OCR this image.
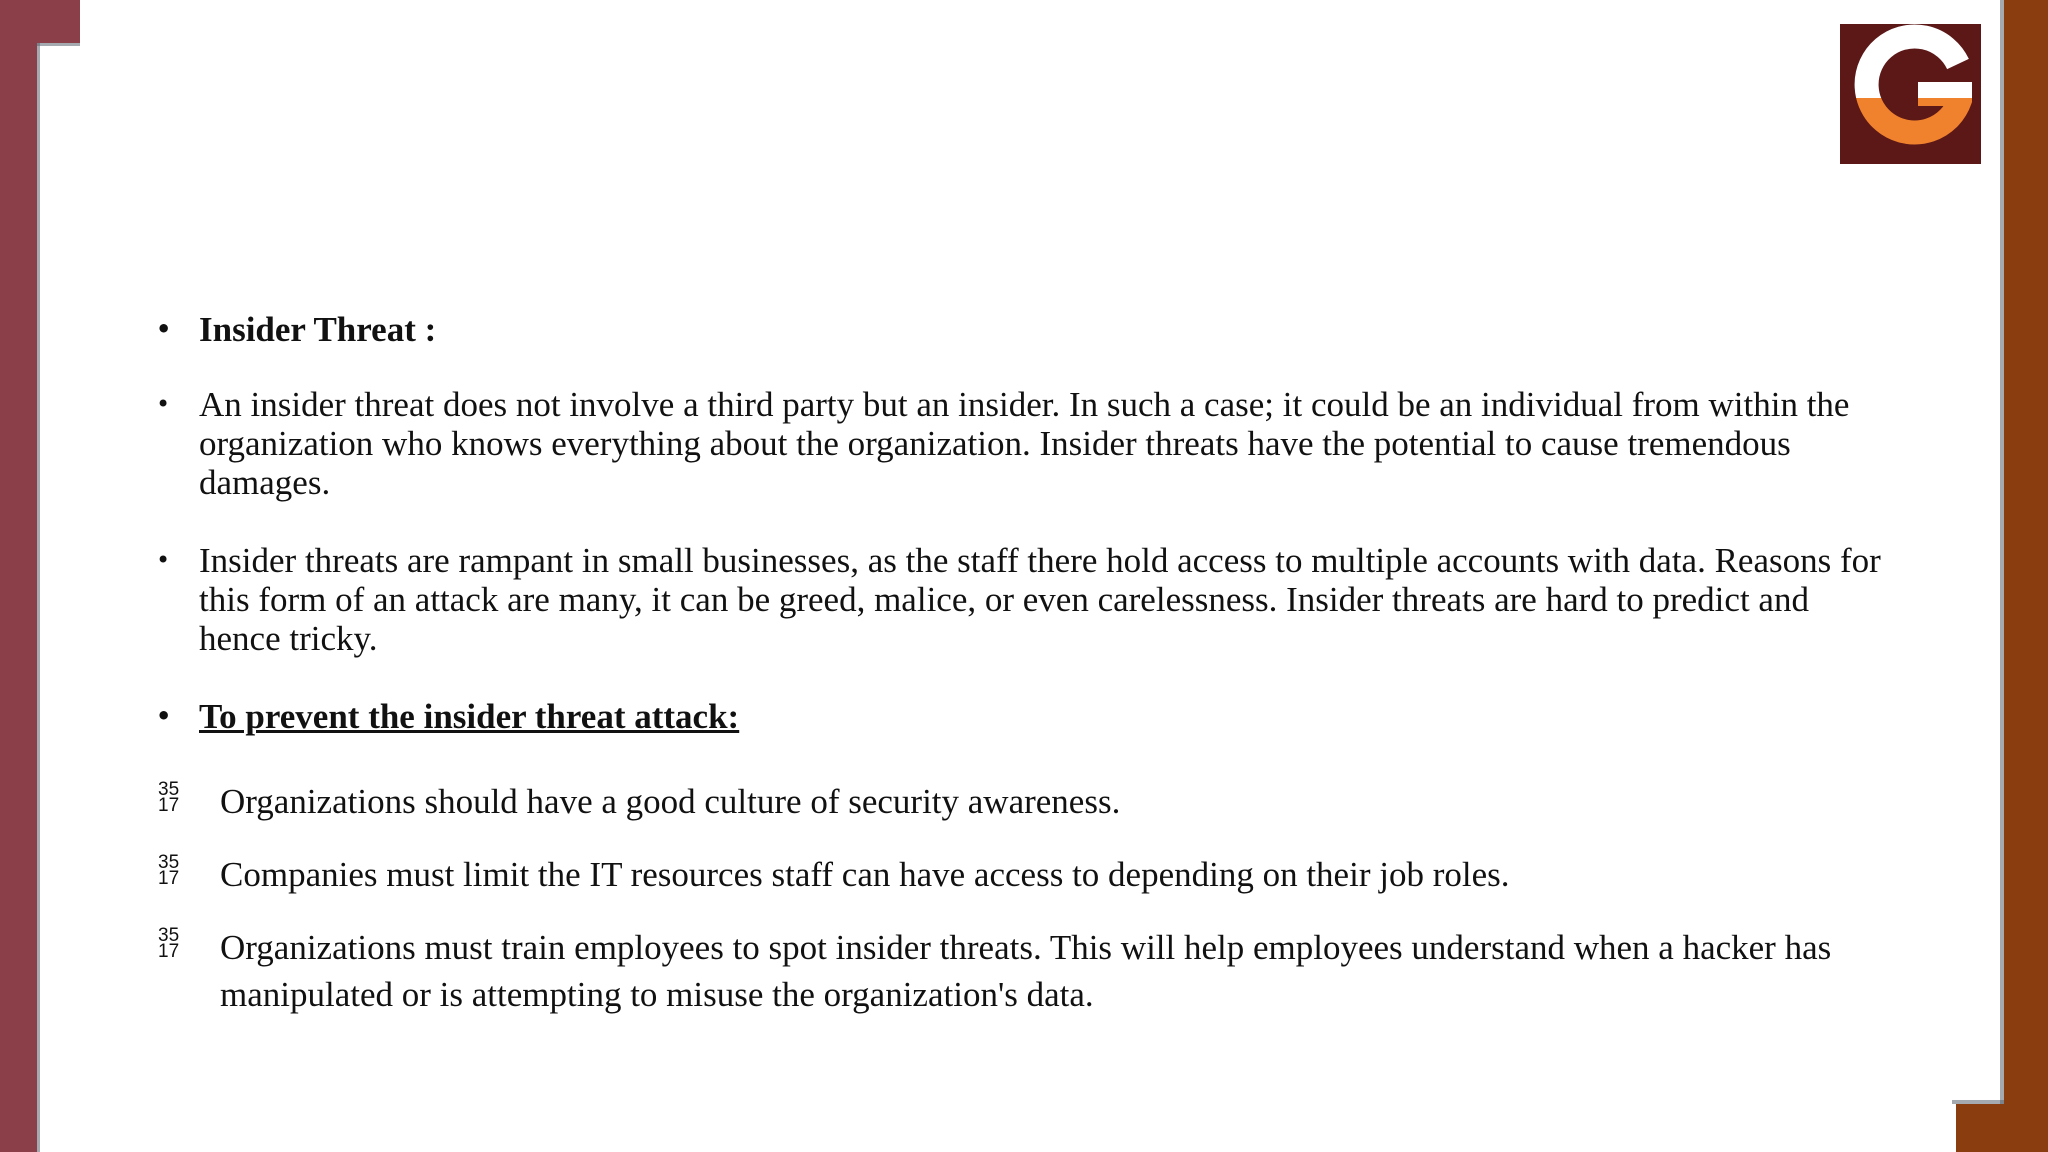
• Insider Threat :
• An insider threat does not involve a third party but an insider. In such a case; it could be an individual from within the organization who knows everything about the organization. Insider threats have the potential to cause tremendous damages.
• Insider threats are rampant in small businesses, as the staff there hold access to multiple accounts with data. Reasons for this form of an attack are many, it can be greed, malice, or even carelessness. Insider threats are hard to predict and hence tricky.
• To prevent the insider threat attack:
35
17 Organizations should have a good culture of security awareness.
35
17 Companies must limit the IT resources staff can have access to depending on their job roles.
35
17 Organizations must train employees to spot insider threats. This will help employees understand when a hacker has manipulated or is attempting to misuse the organization's data.
